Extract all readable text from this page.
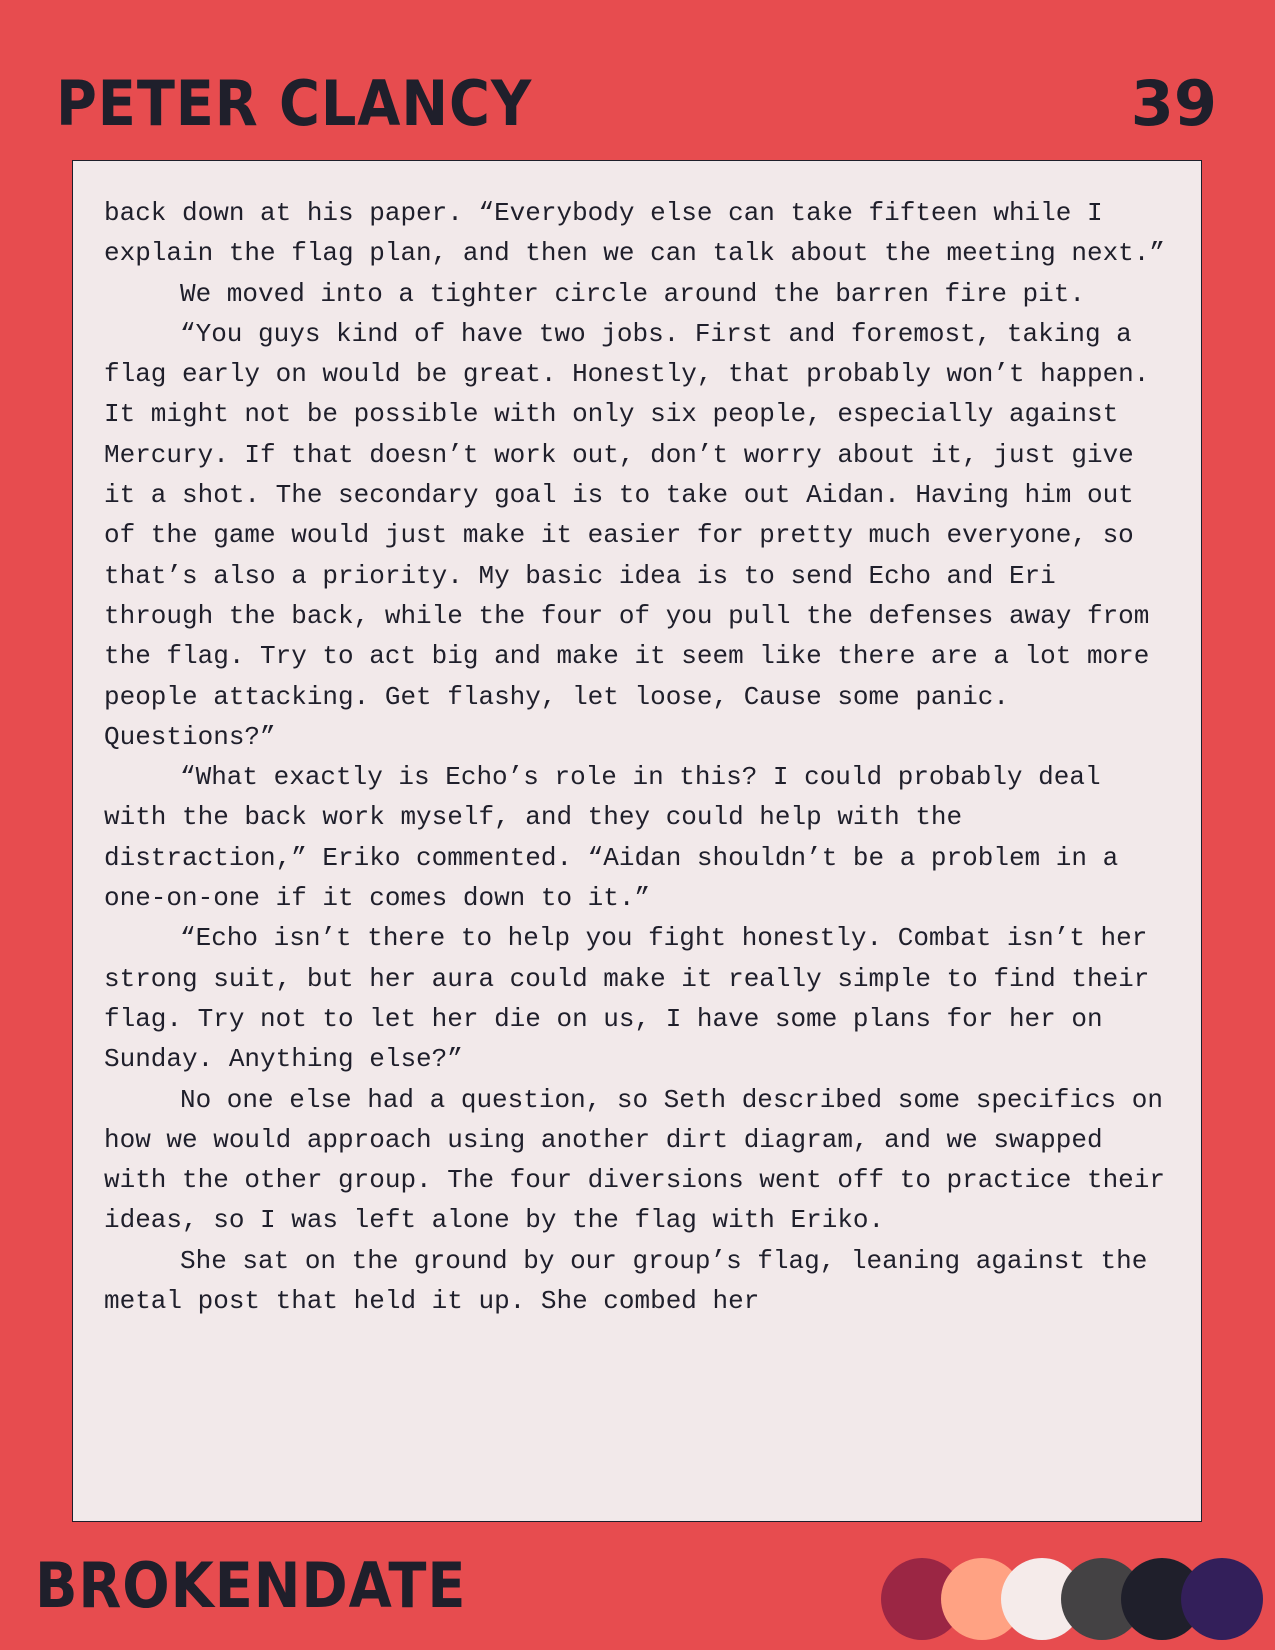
PETER CLANCY	39

back down at his paper. “Everybody else can take fifteen while I explain the flag plan, and then we can talk about the meeting next.”

We moved into a tighter circle around the barren fire pit.

“You guys kind of have two jobs. First and foremost, taking a flag early on would be great. Honestly, that probably won’t happen. It might not be possible with only six people, especially against Mercury. If that doesn’t work out, don’t worry about it, just give it a shot. The secondary goal is to take out Aidan. Having him out of the game would just make it easier for pretty much everyone, so that’s also a priority. My basic idea is to send Echo and Eri through the back, while the four of you pull the defenses away from the flag. Try to act big and make it seem like there are a lot more people attacking. Get flashy, let loose, Cause some panic. Questions?”

“What exactly is Echo’s role in this? I could probably deal with the back work myself, and they could help with the distraction,” Eriko commented. “Aidan shouldn’t be a problem in a one-on-one if it comes down to it.”

“Echo isn’t there to help you fight honestly. Combat isn’t her strong suit, but her aura could make it really simple to find their flag. Try not to let her die on us, I have some plans for her on Sunday. Anything else?”

No one else had a question, so Seth described some specifics on how we would approach using another dirt diagram, and we swapped with the other group. The four diversions went off to practice their ideas, so I was left alone by the flag with Eriko.

She sat on the ground by our group’s flag, leaning against the metal post that held it up. She combed her

BROKENDATE
